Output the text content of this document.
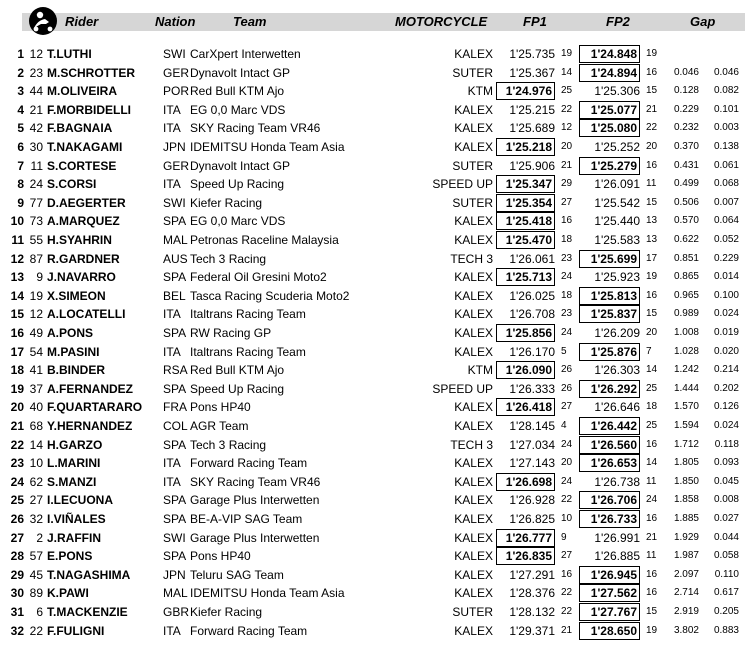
Rider	Nation	Team	MOTORCYCLE	FP1	FP2	Gap
1 12 T.LUTHI	SWI CarXpert Interwetten	KALEX	1'25.735 19	1'24.848 19
2 23 M.SCHROTTER GER Dynavolt Intact GP	SUTER	1'25.367 14	1'24.894 16	0.046	0.046
3 44 M.OLIVEIRA	POR Red Bull KTM Ajo	KTM	1'24.976 25	1'25.306 15	0.128	0.082
4 21 F.MORBIDELLI	ITA EG 0,0 Marc VDS	KALEX	1'25.215 22	1'25.077 21	0.229	0.101
5 42 F.BAGNAIA	ITA SKY Racing Team VR46	KALEX	1'25.689 12	1'25.080 22	0.232	0.003
6 30 T.NAKAGAMI	JPN IDEMITSU Honda Team Asia	KALEX	1'25.218 20	1'25.252 20	0.370	0.138
7 11 S.CORTESE	GER Dynavolt Intact GP	SUTER	1'25.906 21	1'25.279 16	0.431	0.061
8 24 S.CORSI	ITA Speed Up Racing	SPEED UP	1'25.347 29	1'26.091 11	0.499	0.068
9 77 D.AEGERTER	SWI Kiefer Racing	SUTER	1'25.354 27	1'25.542 15	0.506	0.007
10 73 A.MARQUEZ	SPA EG 0,0 Marc VDS	KALEX	1'25.418 16	1'25.440 13	0.570	0.064
11 55 H.SYAHRIN	MAL Petronas Raceline Malaysia	KALEX	1'25.470 18	1'25.583 13	0.622	0.052
12 87 R.GARDNER	AUS Tech 3 Racing	TECH 3	1'26.061 23	1'25.699 17	0.851	0.229
13	9 J.NAVARRO	SPA Federal Oil Gresini Moto2	KALEX	1'25.713 24	1'25.923 19	0.865	0.014
14 19 X.SIMEON	BEL Tasca Racing Scuderia Moto2	KALEX	1'26.025 18	1'25.813 16	0.965	0.100
15 12 A.LOCATELLI	ITA Italtrans Racing Team	KALEX	1'26.708 23	1'25.837 15	0.989	0.024
16 49 A.PONS	SPA RW Racing GP	KALEX	1'25.856 24	1'26.209 20	1.008	0.019
17 54 M.PASINI	ITA Italtrans Racing Team	KALEX	1'26.170 5	1'25.876 7	1.028	0.020
18 41 B.BINDER	RSA Red Bull KTM Ajo	KTM	1'26.090 26	1'26.303 14	1.242	0.214
19 37 A.FERNANDEZ	SPA Speed Up Racing	SPEED UP	1'26.333 26	1'26.292 25	1.444	0.202
20 40 F.QUARTARARO FRA Pons HP40	KALEX	1'26.418 27	1'26.646 18	1.570	0.126
21 68 Y.HERNANDEZ	COL AGR Team	KALEX	1'28.145 4	1'26.442 25	1.594	0.024
22 14 H.GARZO	SPA Tech 3 Racing	TECH 3	1'27.034 24	1'26.560 16	1.712	0.118
23 10 L.MARINI	ITA Forward Racing Team	KALEX	1'27.143 20	1'26.653 14	1.805	0.093
24 62 S.MANZI	ITA SKY Racing Team VR46	KALEX	1'26.698 24	1'26.738 11	1.850	0.045
25 27 I.LECUONA	SPA Garage Plus Interwetten	KALEX	1'26.928 22	1'26.706 24	1.858	0.008
26 32 I.VIÑALES	SPA BE-A-VIP SAG Team	KALEX	1'26.825 10	1'26.733 16	1.885	0.027
27	2 J.RAFFIN	SWI Garage Plus Interwetten	KALEX	1'26.777 9	1'26.991 21	1.929	0.044
28 57 E.PONS	SPA Pons HP40	KALEX	1'26.835 27	1'26.885 11	1.987	0.058
29 45 T.NAGASHIMA	JPN Teluru SAG Team	KALEX	1'27.291 16	1'26.945 16	2.097	0.110
30 89 K.PAWI	MAL IDEMITSU Honda Team Asia	KALEX	1'28.376 22	1'27.562 16	2.714	0.617
31	6 T.MACKENZIE	GBR Kiefer Racing	SUTER	1'28.132 22	1'27.767 15	2.919	0.205
32 22 F.FULIGNI	ITA Forward Racing Team	KALEX	1'29.371 21	1'28.650 19	3.802	0.883
